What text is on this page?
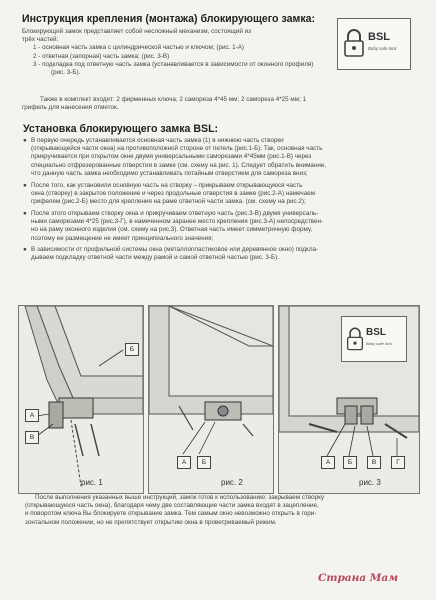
Инструкция крепления (монтажа) блокирующего замка:
Блокирующий замок представляет собой несложный механизм, состоящий из
трёх частей:
1 - основная часть замка с цилиндрической частью и ключом; (рис. 1-А)
2 - ответная (запорная) часть замка; (рис. 3-В)
3 - подкладка под ответную часть замка (устанавливается в зависимости от оконного профиля)
(рис. 3-Б).
Также в комплект входят: 2 фирменных ключа; 2 самореза 4*45 мм; 2 самореза 4*25 мм; 1
грифель для нанесения отметок.
BSL
Baby safe lock
Установка блокирующего замка BSL:
● В первую очередь устанавливается основная часть замка (1) в нижнюю часть створки
(открывающейся части окна) на противоположной стороне от петель (рис.1-Б). Так, основная часть
прикручивается при открытом окне двумя универсальными саморезами 4*45мм (рис.1-В) через
специально отфрезерованные отверстия в замке (см. схему на рис. 1). Следует обратить внимание,
что данную часть замка необходимо устанавливать потайным отверстием для самореза вниз;
● После того, как установили основную часть на створку – прикрываем открывающуюся часть
окна (створку) в закрытое положение и через продольные отверстия в замке (рис.2-А) намечаем
грифелем (рис.2-Б) место для крепления на раме ответной части замка. (см. схему на рис.2);
● После этого открываем створку окна и прикручиваем ответную часть (рис.3-В) двумя универсаль-
ными саморезами 4*25 (рис.3-Г), в намеченном заранее место крепления (рис.3-А) непосредствен-
но на раму оконного изделия (см. схему на рис.3). Ответная часть имеет симметричную форму,
поэтому ее размещение не имеет принципиального значения;
● В зависимости от профильной системы окна (металлопластиковое или деревянное окно) подкла-
дываем подкладку ответной части между рамой и самой ответной частью (рис. 3-Б).
А
Б
В
рис. 1
А	Б
рис. 2
BSL
Baby safe lock
А	Б	В	Г
рис. 3
После выполнения указанных выше инструкций, замок готов к использованию: закрываем створку
(открывающуюся часть окна), благодаря чему две составляющие части замка входят в зацепление,
и поворотом ключа Вы блокируете открывание замка. Тем самым окно невозможно открыть в гори-
зонтальном положении, но не препятствует открытию окна в проветриваемый режим.
Страна Мам
